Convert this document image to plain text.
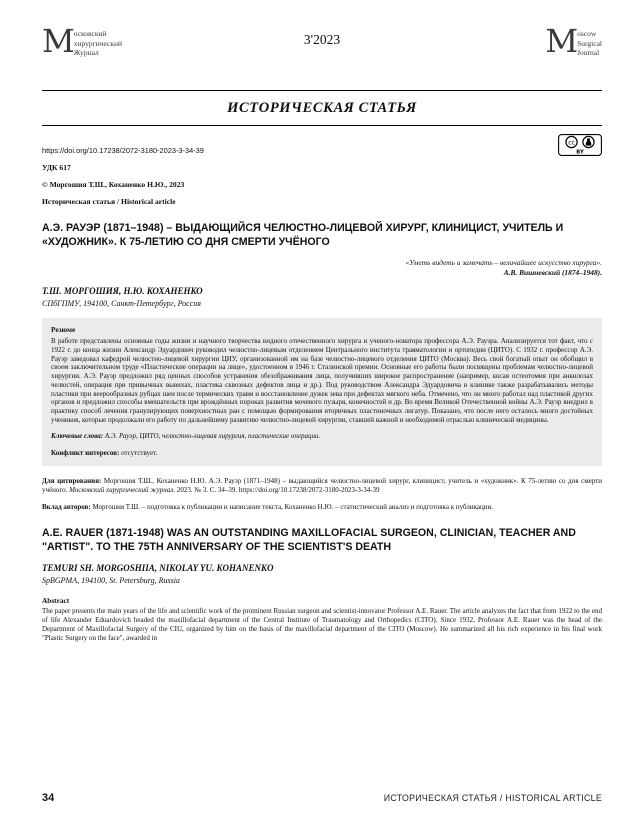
М осковский
хирургический
Журнал
3'2023	M oscow
Surgical
Journal
ИСТОРИЧЕСКАЯ СТАТЬЯ
cc
BY
https://doi.org/10.17238/2072-3180-2023-3-34-39
УДК 617
© Моргошия Т.Ш., Коханенко Н.Ю., 2023
Историческая статья / Historical article
А.Э. РАУЭР (1871–1948) – ВЫДАЮЩИЙСЯ ЧЕЛЮСТНО-ЛИЦЕВОЙ ХИРУРГ, КЛИНИЦИСТ, УЧИТЕЛЬ И «ХУДОЖНИК». К 75-ЛЕТИЮ СО ДНЯ СМЕРТИ УЧЁНОГО
«Уметь видеть и замечать – величайшее искусство хирурга».
А.В. Вишневский (1874–1948).
Т.Ш. МОРГОШИЯ, Н.Ю. КОХАНЕНКО
СПбГПМУ, 194100, Санкт-Петербург, Россия
Резюме

В работе представлены основные годы жизни и научного творчества видного отечественного хирурга и ученого-новатора профессора А.Э. Рауэра. Анализируется тот факт, что с 1922 г. до конца жизни Александр Эдуардович руководил челюстно-лицевым отделением Центрального института травматологии и ортопедии (ЦИТО). С 1932 г. профессор А.Э. Рауэр заведовал кафедрой челюстно-лицевой хирургии ЦИУ, организованной им на базе челюстно-лицевого отделения ЦИТО (Москва). Весь свой богатый опыт он обобщил в своем заключительном труде «Пластические операции на лице», удостоенном в 1946 г. Сталинской премии. Основные его работы были посвящены проблемам челюстно-лицевой хирургии. А.Э. Рауэр предложил ряд ценных способов устранения обезображивания лица, получивших широкое распространение (например, косая остеотомия при анкилозах челюстей, операция при привычных вывихах, пластика сквозных дефектов лица и др.). Под руководством Александра Эдуардовича в клинике также разрабатывались методы пластики при веерообразных рубцах шеи после термических травм и восстановление дужек зева при дефектах мягкого неба. Отмечено, что он много работал над пластикой других органов и предложил способы вмешательств при врождённых пороках развития мочевого пузыря, конечностей и др. Во время Великой Отечественной войны А.Э. Рауэр внедрил в практику способ лечения гранулирующих поверхностных ран с помощью формирования вторичных пластиночных лигатур. Показано, что после него осталось много достойных учеников, которые продолжали его работу по дальнейшему развитию челюстно-лицевой хирургии, ставшей важной и необходимой отраслью клинической медицины.

Ключевые слова: А.Э. Рауэр, ЦИТО, челюстно-лицевая хирургия, пластические операции.

Конфликт интересов: отсутствует.

Для цитирования: Моргошия Т.Ш., Коханенко Н.Ю. А.Э. Рауэр (1871–1948) – выдающийся челюстно-лицевой хирург, клиницист, учитель и «художник». К 75-летию со дня смерти учёного. Московский хирургический журнал. 2023. № 3. С. 34–39. https://doi.org/10.17238/2072-3180-2023-3-34-39

Вклад авторов: Моргошия Т.Ш. – подготовка к публикации и написание текста, Коханенко Н.Ю. – статистический анализ и подготовка к публикации.

A.E. RAUER (1871-1948) WAS AN OUTSTANDING MAXILLOFACIAL SURGEON, CLINICIAN, TEACHER AND "ARTIST". TO THE 75TH ANNIVERSARY OF THE SCIENTIST'S DEATH
TEMURI SH. MORGOSHIIA, NIKOLAY YU. KOHANENKO
SpBGPMA, 194100, St. Petersburg, Russia
Abstract

The paper presents the main years of the life and scientific work of the prominent Russian surgeon and scientist-innovator Professor A.E. Rauer. The article analyzes the fact that from 1922 to the end of life Alexander Eduardovich headed the maxillofacial department of the Central Institute of Traumatology and Orthopedics (CITO). Since 1932, Professor A.E. Rauer was the head of the Department of Maxillofacial Surgery of the CIU, organized by him on the basis of the maxillofacial department of the CITO (Moscow). He summarized all his rich experience in his final work "Plastic Surgery on the face", awarded in

34	ИСТОРИЧЕСКАЯ СТАТЬЯ / HISTORICAL ARTICLE
